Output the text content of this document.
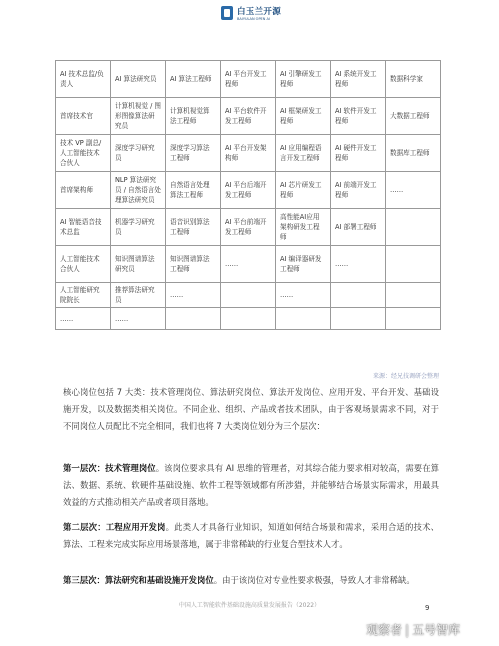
白玉兰开源
BAIYULAN OPEN AI
AI 技术总监/负责人	AI 算法研究员	AI 算法工程师	AI 平台开发工程师	AI 引擎研发工程师	AI 系统开发工程师	数据科学家
首席技术官	计算机视觉 / 图形图像算法研究员	计算机视觉算法工程师	AI 平台软件开发工程师	AI 框架研发工程师	AI 软件开发工程师	大数据工程师
技术 VP 副总/人工智能技术合伙人	深度学习研究员	深度学习算法工程师	AI 平台开发架构师	AI 应用编程语言开发工程师	AI 硬件开发工程师	数据库工程师
首席架构师	NLP 算法研究员 / 自然语言处理算法研究员	自然语言处理算法工程师	AI 平台后端开发工程师	AI 芯片研发工程师	AI 前端开发工程师	……
AI 智能语音技术总监	机器学习研究员	语音识别算法工程师	AI 平台前端开发工程师	高性能AI应用架构研发工程师	AI 部署工程师	
人工智能技术合伙人	知识图谱算法研究员	知识图谱算法工程师	……	AI 编译器研发工程师	……	
人工智能研究院院长	推荐算法研究员	……		……		
……	……					
来源：经兄技调研会整理

核心岗位包括 7 大类：技术管理岗位、算法研究岗位、算法开发岗位、应用开发、平台开发、基础设施开发，以及数据类相关岗位。不同企业、组织、产品或者技术团队，由于客观场景需求不同，对于不同岗位人员配比不完全相同，我们也将 7 大类岗位划分为三个层次：

第一层次：技术管理岗位。该岗位要求具有 AI 思维的管理者，对其综合能力要求相对较高，需要在算法、数据、系统、软硬件基础设施、软件工程等领域都有所涉猎，并能够结合场景实际需求，用最具效益的方式推动相关产品或者项目落地。

第二层次：工程应用开发岗。此类人才具备行业知识，知道如何结合场景和需求，采用合适的技术、算法、工程来完成实际应用场景落地，属于非常稀缺的行业复合型技术人才。

第三层次：算法研究和基础设施开发岗位。由于该岗位对专业性要求极强，导致人才非常稀缺。

中国人工智能软件基础设施高质量发展报告（2022）	9
观察者 | 五号智库
